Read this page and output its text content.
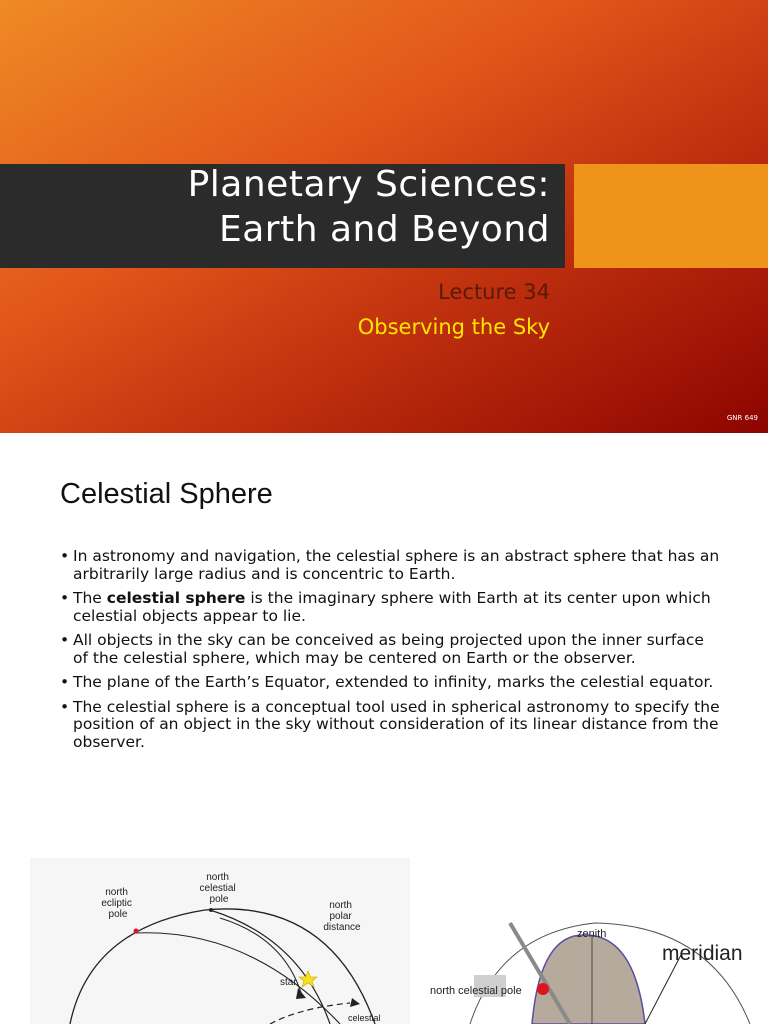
Planetary Sciences:
Earth and Beyond
Lecture 34
Observing the Sky
GNR 649
Celestial Sphere
• In astronomy and navigation, the celestial sphere is an abstract sphere that has an arbitrarily large radius and is concentric to Earth.
• The celestial sphere is the imaginary sphere with Earth at its center upon which celestial objects appear to lie.
• All objects in the sky can be conceived as being projected upon the inner surface of the celestial sphere, which may be centered on Earth or the observer.
• The plane of the Earth’s Equator, extended to infinity, marks the celestial equator.
• The celestial sphere is a conceptual tool used in spherical astronomy to specify the position of an object in the sky without consideration of its linear distance from the observer.
north celestial pole
north ecliptic pole
north polar distance
star
celestial
north celestial pole
zenith
meridian
